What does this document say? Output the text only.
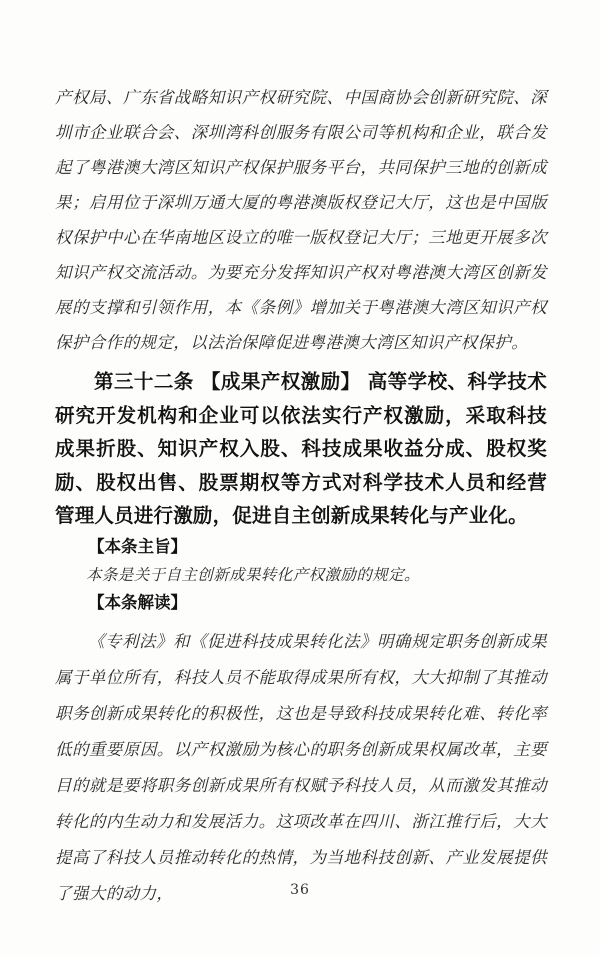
产权局、广东省战略知识产权研究院、中国商协会创新研究院、深圳市企业联合会、深圳湾科创服务有限公司等机构和企业，联合发起了粤港澳大湾区知识产权保护服务平台，共同保护三地的创新成果；启用位于深圳万通大厦的粤港澳版权登记大厅，这也是中国版权保护中心在华南地区设立的唯一版权登记大厅；三地更开展多次知识产权交流活动。为要充分发挥知识产权对粤港澳大湾区创新发展的支撑和引领作用，本《条例》增加关于粤港澳大湾区知识产权保护合作的规定，以法治保障促进粤港澳大湾区知识产权保护。

第三十二条 【成果产权激励】 高等学校、科学技术研究开发机构和企业可以依法实行产权激励，采取科技成果折股、知识产权入股、科技成果收益分成、股权奖励、股权出售、股票期权等方式对科学技术人员和经营管理人员进行激励，促进自主创新成果转化与产业化。

【本条主旨】

本条是关于自主创新成果转化产权激励的规定。

【本条解读】

《专利法》和《促进科技成果转化法》明确规定职务创新成果属于单位所有，科技人员不能取得成果所有权，大大抑制了其推动职务创新成果转化的积极性，这也是导致科技成果转化难、转化率低的重要原因。以产权激励为核心的职务创新成果权属改革，主要目的就是要将职务创新成果所有权赋予科技人员，从而激发其推动转化的内生动力和发展活力。这项改革在四川、浙江推行后，大大提高了科技人员推动转化的热情，为当地科技创新、产业发展提供了强大的动力，	36
